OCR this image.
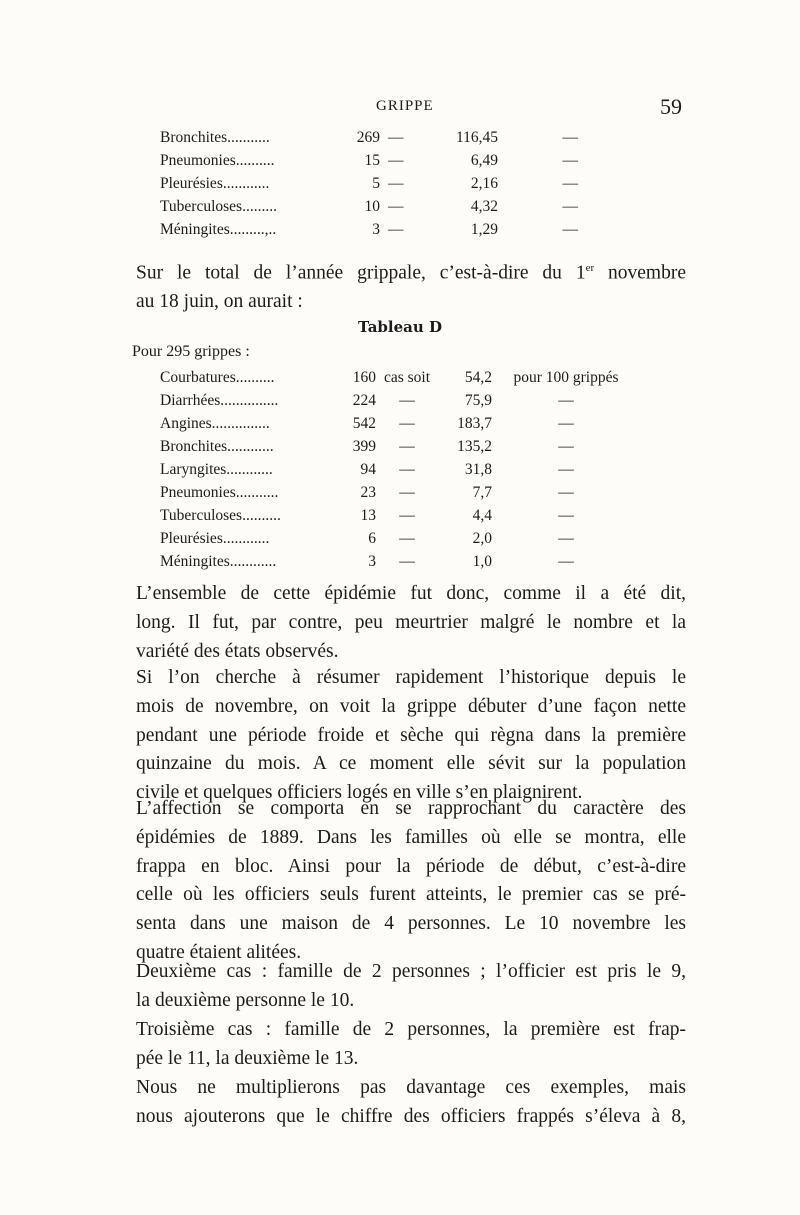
GRIPPE	59
Bronchites...........	269	—	116,45	—
Pneumonies..........	15	—	6,49	—
Pleurésies............	5	—	2,16	—
Tuberculoses.........	10	—	4,32	—
Méningites.........,..	3	—	1,29	—

Sur le total de l’année grippale, c’est-à-dire du 1er novembre
au 18 juin, on aurait :

Tableau D
Pour 295 grippes :
Courbatures..........	160	cas soit	54,2	pour 100 grippés
Diarrhées...............	224	—	75,9	—
Angines...............	542	—	183,7	—
Bronchites............	399	—	135,2	—
Laryngites............	94	—	31,8	—
Pneumonies...........	23	—	7,7	—
Tuberculoses..........	13	—	4,4	—
Pleurésies............	6	—	2,0	—
Méningites............	3	—	1,0	—

L’ensemble de cette épidémie fut donc, comme il a été dit,
long. Il fut, par contre, peu meurtrier malgré le nombre et la
variété des états observés.

Si l’on cherche à résumer rapidement l’historique depuis le
mois de novembre, on voit la grippe débuter d’une façon nette
pendant une période froide et sèche qui règna dans la première
quinzaine du mois. A ce moment elle sévit sur la population
civile et quelques officiers logés en ville s’en plaignirent.

L’affection se comporta en se rapprochant du caractère des
épidémies de 1889. Dans les familles où elle se montra, elle
frappa en bloc. Ainsi pour la période de début, c’est-à-dire
celle où les officiers seuls furent atteints, le premier cas se pré-
senta dans une maison de 4 personnes. Le 10 novembre les
quatre étaient alitées.

Deuxième cas : famille de 2 personnes ; l’officier est pris le 9,
la deuxième personne le 10.

Troisième cas : famille de 2 personnes, la première est frap-
pée le 11, la deuxième le 13.

Nous ne multiplierons pas davantage ces exemples, mais
nous ajouterons que le chiffre des officiers frappés s’éleva à 8,
